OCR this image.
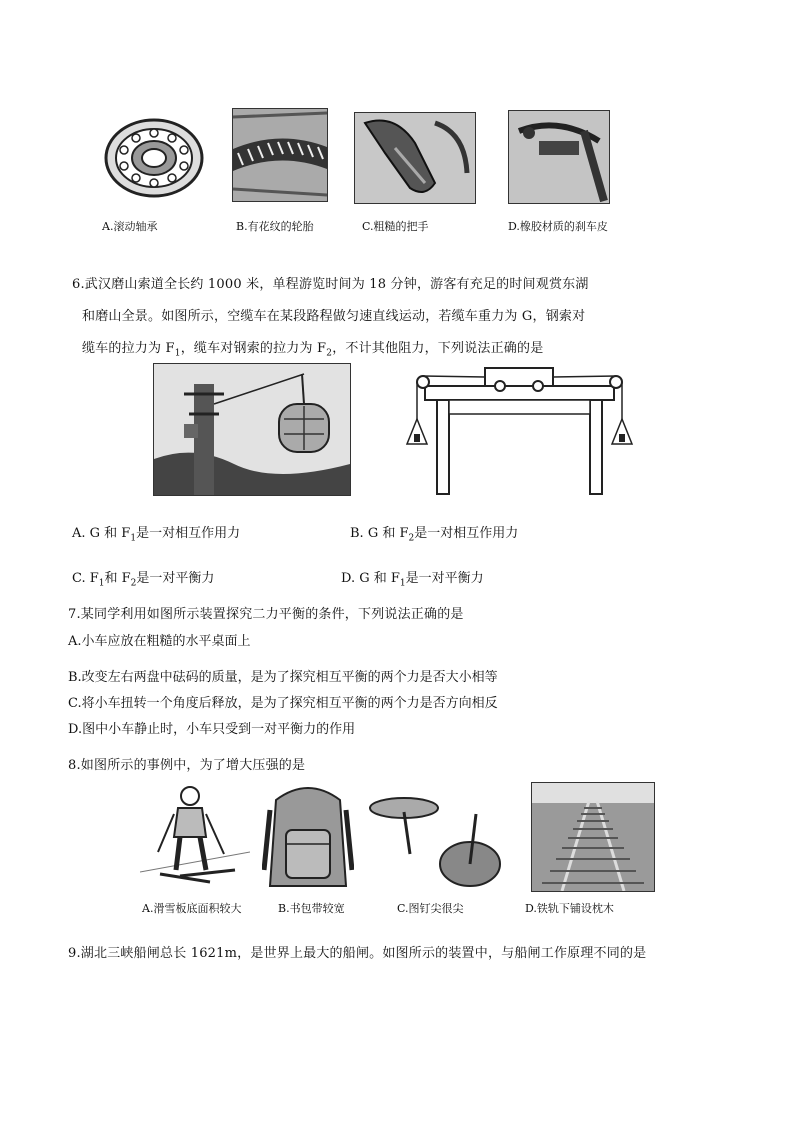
A.滚动轴承	B.有花纹的轮胎	C.粗糙的把手	D.橡胶材质的刹车皮
6.武汉磨山索道全长约 1000 米，单程游览时间为 18 分钟，游客有充足的时间观赏东湖
和磨山全景。如图所示，空缆车在某段路程做匀速直线运动，若缆车重力为 G，钢索对
缆车的拉力为 $F_1$，缆车对钢索的拉力为 $F_2$，不计其他阻力，下列说法正确的是
A. G 和 $F_1$是一对相互作用力	B. G 和 $F_2$是一对相互作用力
C. $F_1$和 $F_2$是一对平衡力	D. G 和 $F_1$是一对平衡力
7.某同学利用如图所示装置探究二力平衡的条件，下列说法正确的是
A.小车应放在粗糙的水平桌面上
B.改变左右两盘中砝码的质量，是为了探究相互平衡的两个力是否大小相等
C.将小车扭转一个角度后释放，是为了探究相互平衡的两个力是否方向相反
D.图中小车静止时，小车只受到一对平衡力的作用
8.如图所示的事例中，为了增大压强的是
A.滑雪板底面积较大	B.书包带较宽	C.图钉尖很尖	D.铁轨下铺设枕木
9.湖北三峡船闸总长 1621m，是世界上最大的船闸。如图所示的装置中，与船闸工作原理不同的是
